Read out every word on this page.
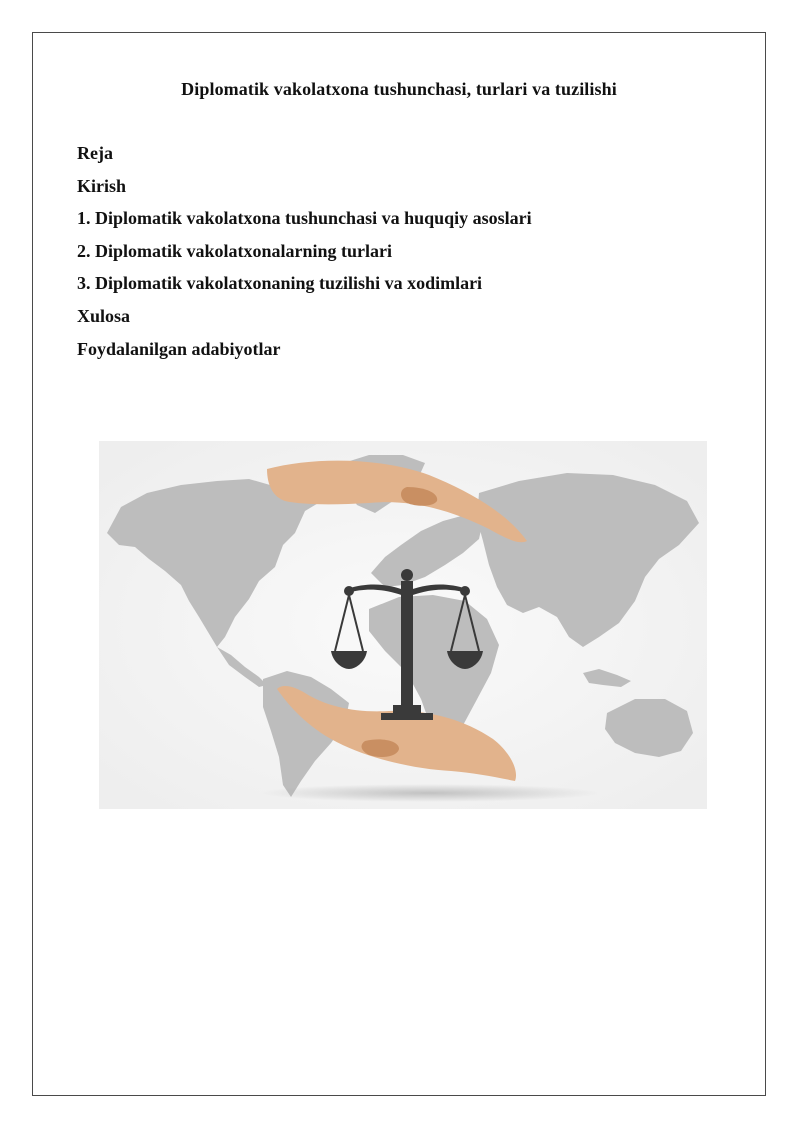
Diplomatik vakolatxona tushunchasi, turlari va tuzilishi
Reja
Kirish
1. Diplomatik vakolatxona tushunchasi va huquqiy asoslari
2. Diplomatik vakolatxonalarning turlari
3. Diplomatik vakolatxonaning tuzilishi va xodimlari
Xulosa
Foydalanilgan adabiyotlar
